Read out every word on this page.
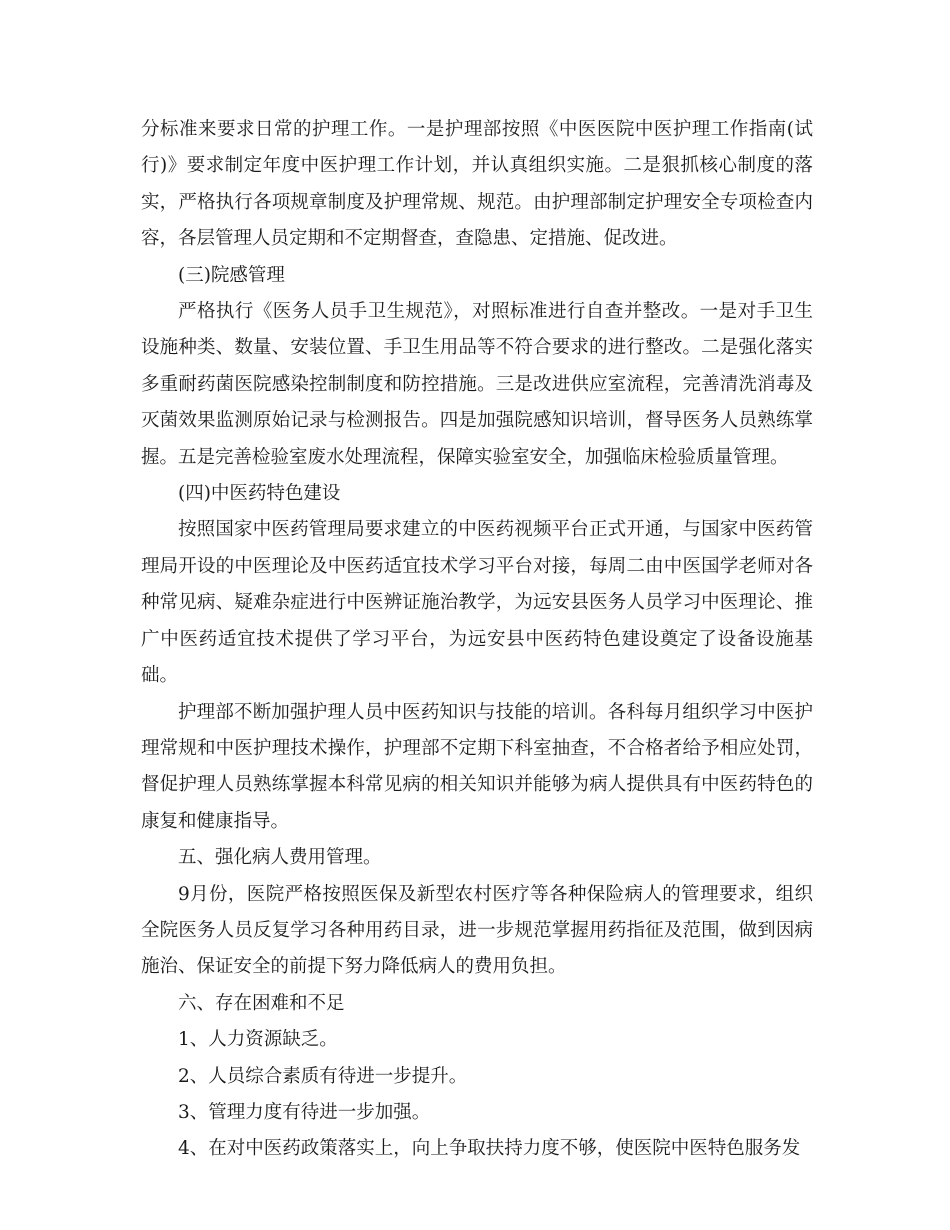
分标准来要求日常的护理工作。一是护理部按照《中医医院中医护理工作指南(试行)》要求制定年度中医护理工作计划，并认真组织实施。二是狠抓核心制度的落实，严格执行各项规章制度及护理常规、规范。由护理部制定护理安全专项检查内容，各层管理人员定期和不定期督查，查隐患、定措施、促改进。

(三)院感管理

严格执行《医务人员手卫生规范》，对照标准进行自查并整改。一是对手卫生设施种类、数量、安装位置、手卫生用品等不符合要求的进行整改。二是强化落实多重耐药菌医院感染控制制度和防控措施。三是改进供应室流程，完善清洗消毒及灭菌效果监测原始记录与检测报告。四是加强院感知识培训，督导医务人员熟练掌握。五是完善检验室废水处理流程，保障实验室安全，加强临床检验质量管理。

(四)中医药特色建设

按照国家中医药管理局要求建立的中医药视频平台正式开通，与国家中医药管理局开设的中医理论及中医药适宜技术学习平台对接，每周二由中医国学老师对各种常见病、疑难杂症进行中医辨证施治教学，为远安县医务人员学习中医理论、推广中医药适宜技术提供了学习平台，为远安县中医药特色建设奠定了设备设施基础。

护理部不断加强护理人员中医药知识与技能的培训。各科每月组织学习中医护理常规和中医护理技术操作，护理部不定期下科室抽查，不合格者给予相应处罚，督促护理人员熟练掌握本科常见病的相关知识并能够为病人提供具有中医药特色的康复和健康指导。

五、强化病人费用管理。

9月份，医院严格按照医保及新型农村医疗等各种保险病人的管理要求，组织全院医务人员反复学习各种用药目录，进一步规范掌握用药指征及范围，做到因病施治、保证安全的前提下努力降低病人的费用负担。

六、存在困难和不足

1、人力资源缺乏。

2、人员综合素质有待进一步提升。

3、管理力度有待进一步加强。

4、在对中医药政策落实上，向上争取扶持力度不够，使医院中医特色服务发
